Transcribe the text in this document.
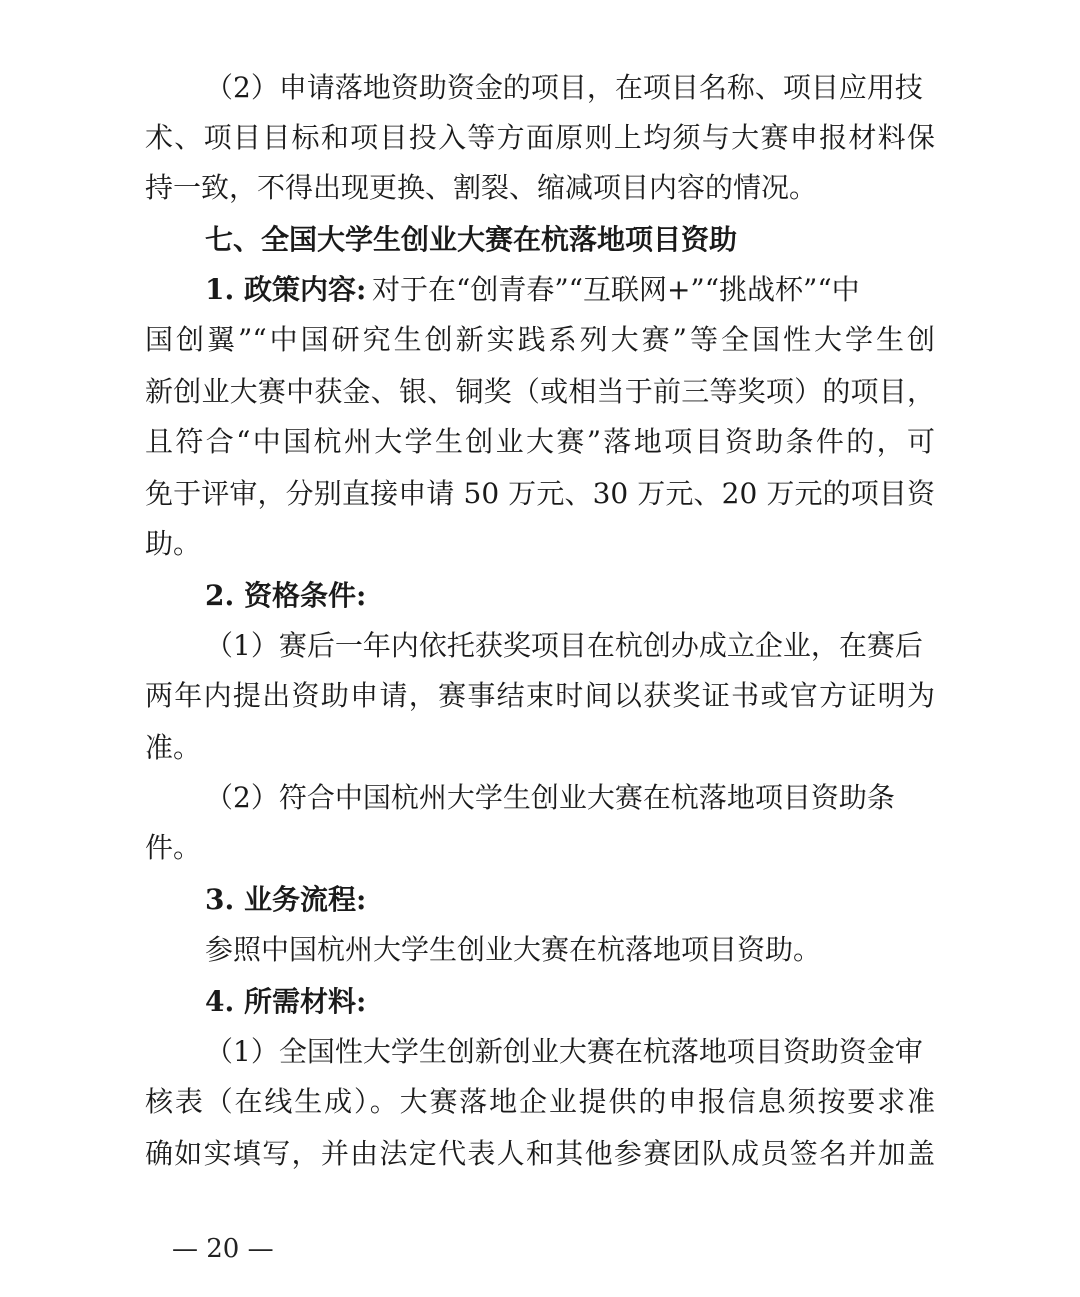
（2）申请落地资助资金的项目，在项目名称、项目应用技
术、项目目标和项目投入等方面原则上均须与大赛申报材料保
持一致，不得出现更换、割裂、缩减项目内容的情况。
七、全国大学生创业大赛在杭落地项目资助
1. 政策内容: 对于在“创青春”“互联网+”“挑战杯”“中
国创翼”“中国研究生创新实践系列大赛”等全国性大学生创
新创业大赛中获金、银、铜奖（或相当于前三等奖项）的项目，
且符合“中国杭州大学生创业大赛”落地项目资助条件的，可
免于评审，分别直接申请 50 万元、30 万元、20 万元的项目资
助。
2. 资格条件:
（1）赛后一年内依托获奖项目在杭创办成立企业，在赛后
两年内提出资助申请，赛事结束时间以获奖证书或官方证明为
准。
（2）符合中国杭州大学生创业大赛在杭落地项目资助条
件。
3. 业务流程:
参照中国杭州大学生创业大赛在杭落地项目资助。
4. 所需材料:
（1）全国性大学生创新创业大赛在杭落地项目资助资金审
核表（在线生成）。大赛落地企业提供的申报信息须按要求准
确如实填写，并由法定代表人和其他参赛团队成员签名并加盖
— 20 —
